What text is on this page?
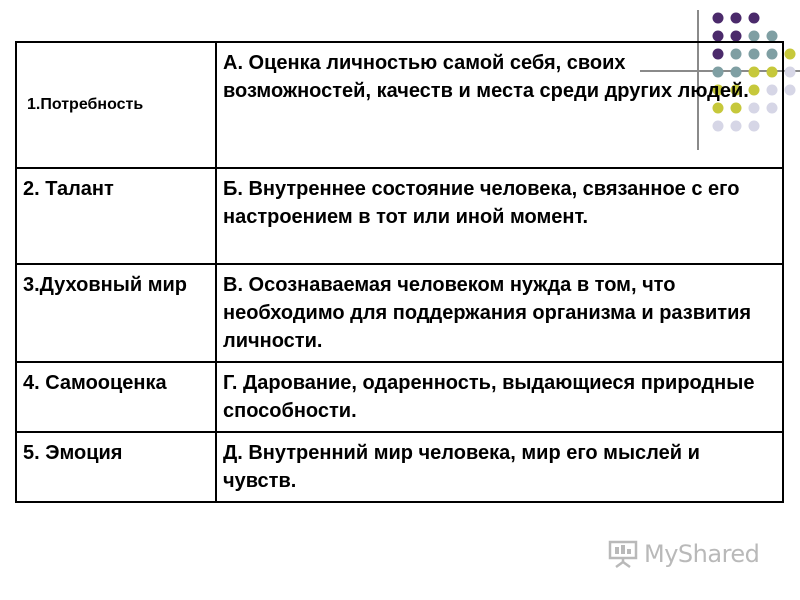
1.Потребность	А. Оценка личностью самой себя, своих возможностей, качеств и места среди других людей.
2. Талант	Б. Внутреннее состояние человека, связанное с его настроением в тот или иной момент.
3.Духовный мир	В. Осознаваемая человеком нужда в том, что необходимо для поддержания организма и развития личности.
4. Самооценка	Г. Дарование, одаренность, выдающиеся природные способности.
5. Эмоция	Д. Внутренний мир человека, мир его мыслей и чувств.
MyShared
